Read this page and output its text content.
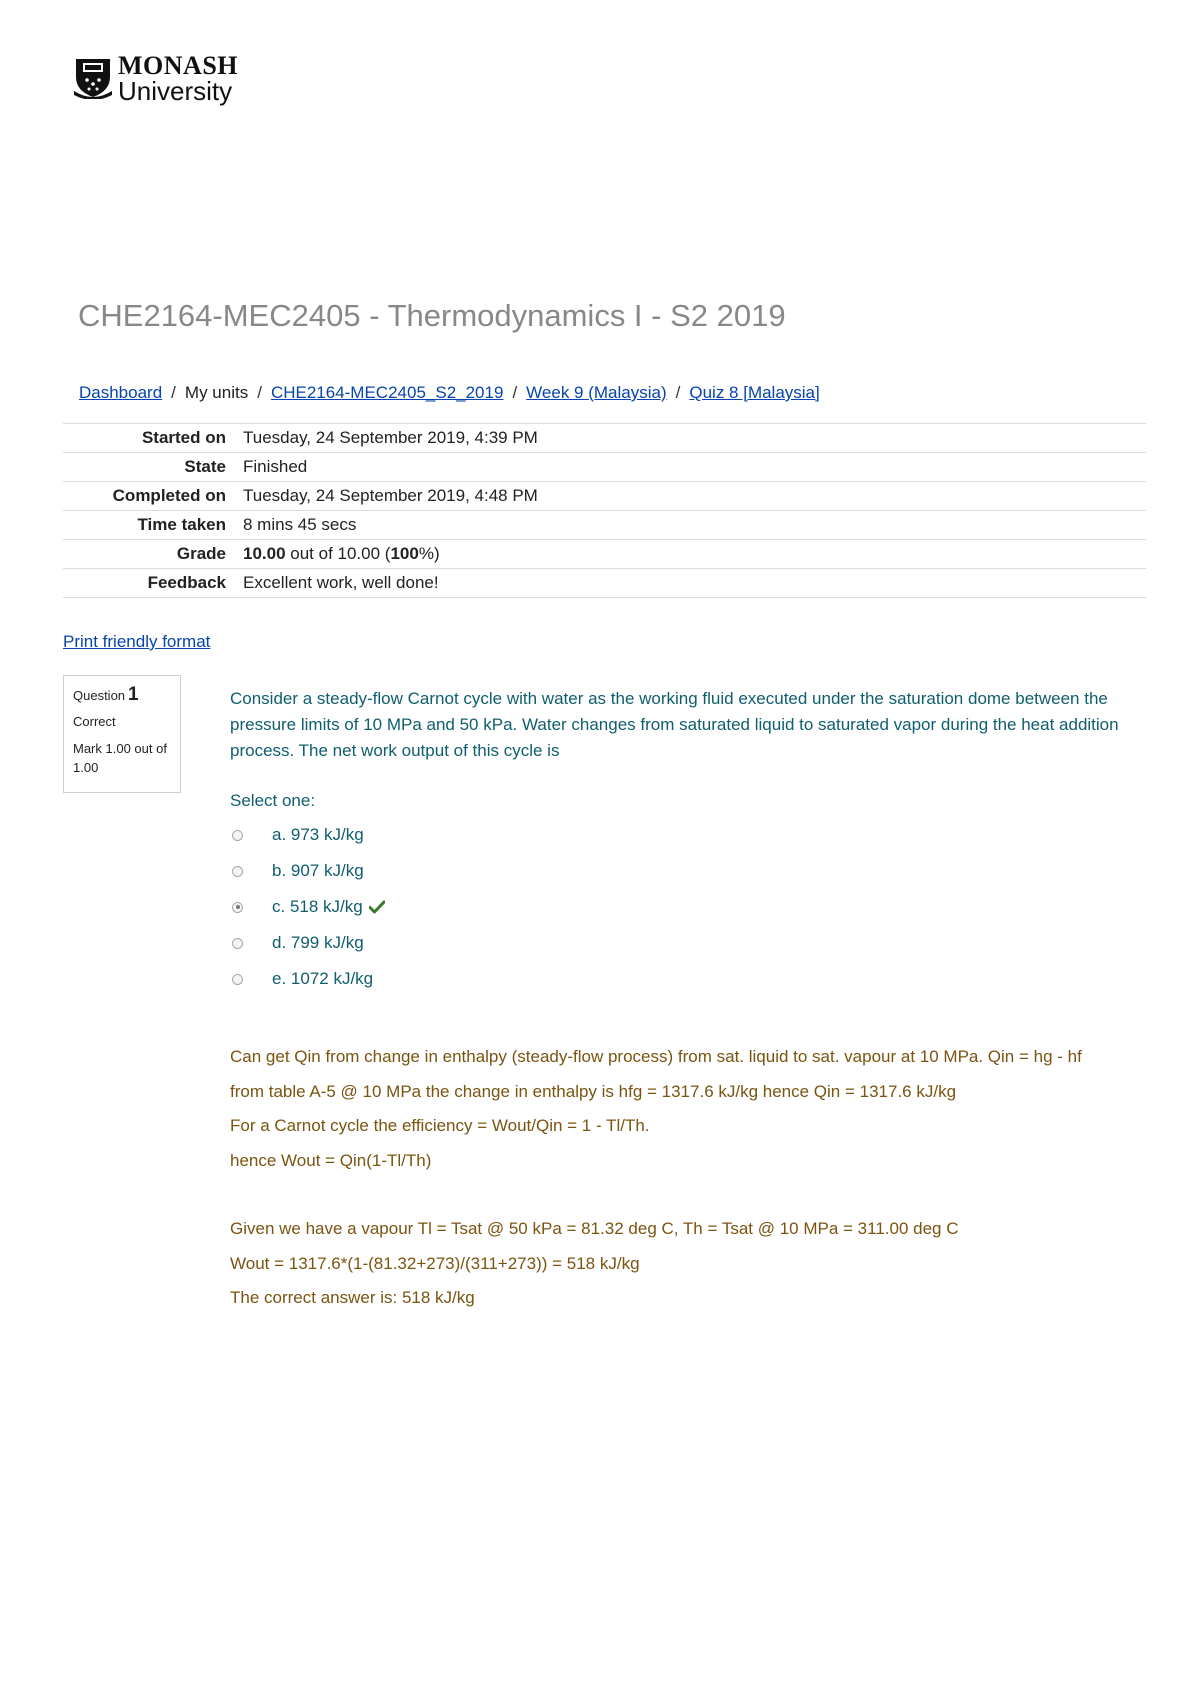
MONASH
University
CHE2164-MEC2405 - Thermodynamics I - S2 2019
Dashboard / My units / CHE2164-MEC2405_S2_2019 / Week 9 (Malaysia) / Quiz 8 [Malaysia]
Started on	Tuesday, 24 September 2019, 4:39 PM
State	Finished
Completed on	Tuesday, 24 September 2019, 4:48 PM
Time taken	8 mins 45 secs
Grade	10.00 out of 10.00 (100%)
Feedback	Excellent work, well done!
Print friendly format
Question 1
Correct
Mark 1.00 out of 1.00
Consider a steady-flow Carnot cycle with water as the working fluid executed under the saturation dome between the pressure limits of 10 MPa and 50 kPa. Water changes from saturated liquid to saturated vapor during the heat addition process. The net work output of this cycle is
Select one:
a. 973 kJ/kg
b. 907 kJ/kg
c. 518 kJ/kg
d. 799 kJ/kg
e. 1072 kJ/kg

Can get Qin from change in enthalpy (steady-flow process) from sat. liquid to sat. vapour at 10 MPa. Qin = hg - hf

from table A-5 @ 10 MPa the change in enthalpy is hfg = 1317.6 kJ/kg hence Qin = 1317.6 kJ/kg

For a Carnot cycle the efficiency = Wout/Qin = 1 - Tl/Th.

hence Wout = Qin(1-Tl/Th)

Given we have a vapour Tl = Tsat @ 50 kPa = 81.32 deg C, Th = Tsat @ 10 MPa = 311.00 deg C

Wout = 1317.6*(1-(81.32+273)/(311+273)) = 518 kJ/kg

The correct answer is: 518 kJ/kg
